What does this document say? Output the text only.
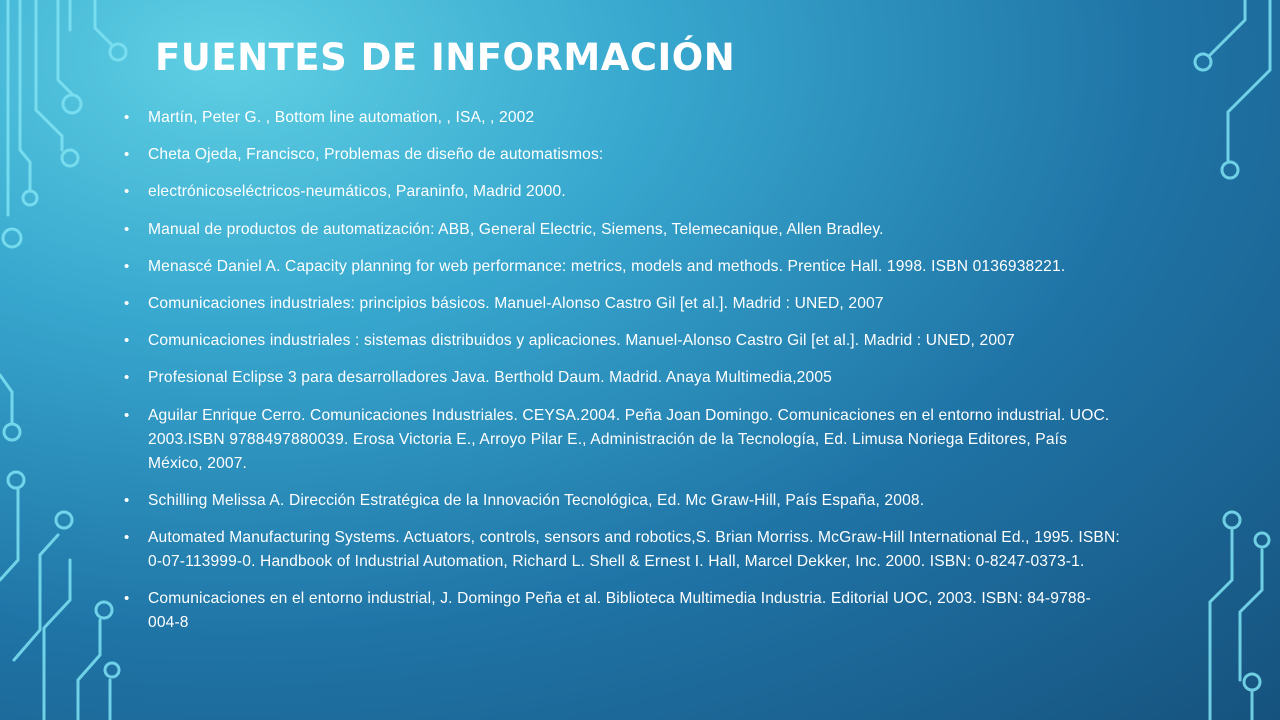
FUENTES DE INFORMACIÓN
• Martín, Peter G. , Bottom line automation, , ISA, , 2002
• Cheta Ojeda, Francisco, Problemas de diseño de automatismos:
• electrónicoseléctricos-neumáticos, Paraninfo, Madrid 2000.
• Manual de productos de automatización: ABB, General Electric, Siemens, Telemecanique, Allen Bradley.
• Menascé Daniel A. Capacity planning for web performance: metrics, models and methods. Prentice Hall. 1998. ISBN 0136938221.
• Comunicaciones industriales: principios básicos. Manuel-Alonso Castro Gil [et al.]. Madrid : UNED, 2007
• Comunicaciones industriales : sistemas distribuidos y aplicaciones. Manuel-Alonso Castro Gil [et al.]. Madrid : UNED, 2007
• Profesional Eclipse 3 para desarrolladores Java. Berthold Daum. Madrid. Anaya Multimedia,2005
• Aguilar Enrique Cerro. Comunicaciones Industriales. CEYSA.2004. Peña Joan Domingo. Comunicaciones en el entorno industrial. UOC. 2003.ISBN 9788497880039. Erosa Victoria E., Arroyo Pilar E., Administración de la Tecnología, Ed. Limusa Noriega Editores, País México, 2007.
• Schilling Melissa A. Dirección Estratégica de la Innovación Tecnológica, Ed. Mc Graw-Hill, País España, 2008.
• Automated Manufacturing Systems. Actuators, controls, sensors and robotics,S. Brian Morriss. McGraw-Hill International Ed., 1995. ISBN: 0-07-113999-0. Handbook of Industrial Automation, Richard L. Shell & Ernest I. Hall, Marcel Dekker, Inc. 2000. ISBN: 0-8247-0373-1.
• Comunicaciones en el entorno industrial, J. Domingo Peña et al. Biblioteca Multimedia Industria. Editorial UOC, 2003. ISBN: 84-9788-004-8
